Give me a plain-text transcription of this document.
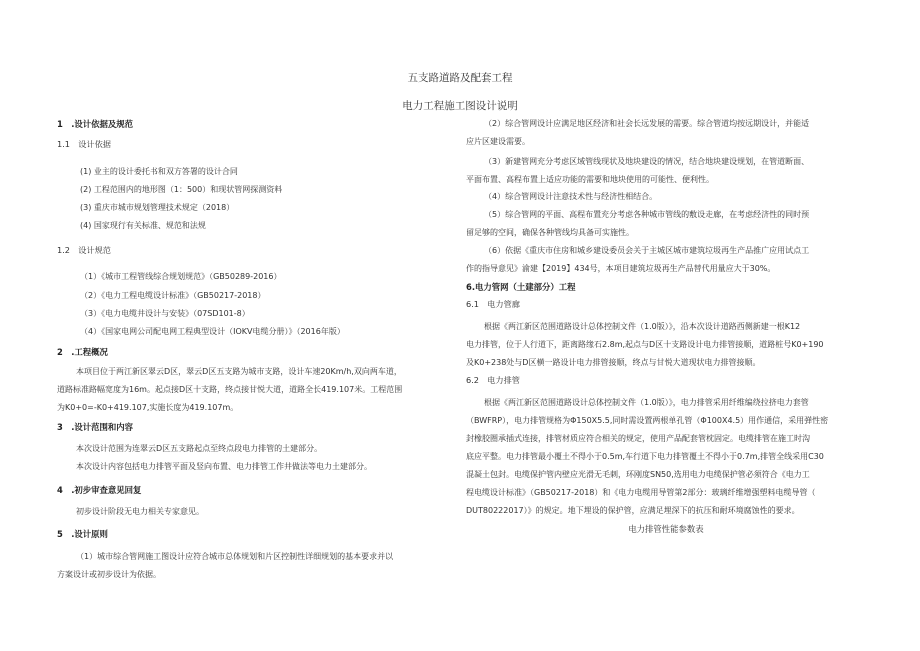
五支路道路及配套工程
电力工程施工图设计说明
1　.设计依据及规范
1.1　设计依据
(1) 业主的设计委托书和双方答署的设计合同
(2) 工程范围内的地形图（1：500）和现状管网探测资料
(3) 重庆市城市规划管理技术规定（2018）
(4) 国家现行有关标准、规范和法规
1.2　设计规范
（1）《城市工程管线综合规划规范》（GB50289-2016）
（2）《电力工程电缆设计标准》（GB50217-2018）
（3）《电力电缆井设计与安装》（07SD101-8）
（4）《国家电网公司配电网工程典型设计（IOKV电缆分册）》（2016年版）
2　.工程概况
本项目位于两江新区翠云D区，翠云D区五支路为城市支路，设计车速20Km/h,双向两车道，
道路标准路幅宽度为16m。起点接D区十支路，终点接甘悦大道，道路全长419.107米。工程范围
为K0+0=-K0+419.107,实施长度为419.107m。
3　.设计范围和内容
本次设计范围为连翠云D区五支路起点至终点段电力排管的土建部分。
本次设计内容包括电力排管平面及竖向布置、电力排管工作井做法等电力土建部分。
4　.初步审查意见回复
初步设计阶段无电力相关专家意见。
5　.设计原则
（1）城市综合管网施工图设计应符合城市总体规划和片区控制性详细规划的基本要求并以
方案设计或初步设计为依据。
（2）综合管网设计应满足地区经济和社会长远发展的需要。综合管道均按远期设计，并能适
应片区建设需要。
（3）新建管网充分考虑区域管线现状及地块建设的情况，结合地块建设规划，在管道断面、
平面布置、高程布置上适应功能的需要和地块使用的可能性、便利性。
（4）综合管网设计注意技术性与经济性相结合。
（5）综合管网的平面、高程布置充分考虑各种城市管线的敷设走廊，在考虑经济性的同时预
留足够的空间，确保各种管线均具备可实施性。
（6）依据《重庆市住房和城乡建设委员会关于主城区城市建筑垃圾再生产品推广应用试点工
作的指导意见》渝建【2019】434号，本项目建筑垃圾再生产品替代用量应大于30%。
6.电力管网（土建部分）工程
6.1　电力管廊
根据《两江新区范围道路设计总体控制文件（1.0版）》，沿本次设计道路西侧新建一根K12
电力排管，位于人行道下，距离路缘石2.8m,起点与D区十支路设计电力排管接顺，道路桩号K0+190
及K0+238处与D区横一路设计电力排管接顺，终点与甘悦大道现状电力排管接顺。
6.2　电力排管
根据《两江新区范围道路设计总体控制文件（1.0版）》，电力排管采用纤维编绕拉挤电力套管
（BWFRP），电力排管规格为Φ150X5.5,同时需设置两根单孔管（Φ100X4.5）用作通信，采用弹性密
封橡胶圈承插式连接，排管材质应符合相关的规定，使用产品配套管枕固定。电缆排管在施工时沟
底应平整。电力排管最小覆土不得小于0.5m,车行道下电力排管覆土不得小于0.7m,排管全线采用C30
混凝土包封。电缆保护管内壁应光滑无毛刺，环刚度SN50,选用电力电缆保护管必须符合《电力工
程电缆设计标准》（GB50217-2018）和《电力电缆用导管第2部分：玻璃纤维增强塑料电缆导管（
DUT80222017）》的规定。地下埋设的保护管，应满足埋深下的抗压和耐环境腐蚀性的要求。
电力排管性能参数表
